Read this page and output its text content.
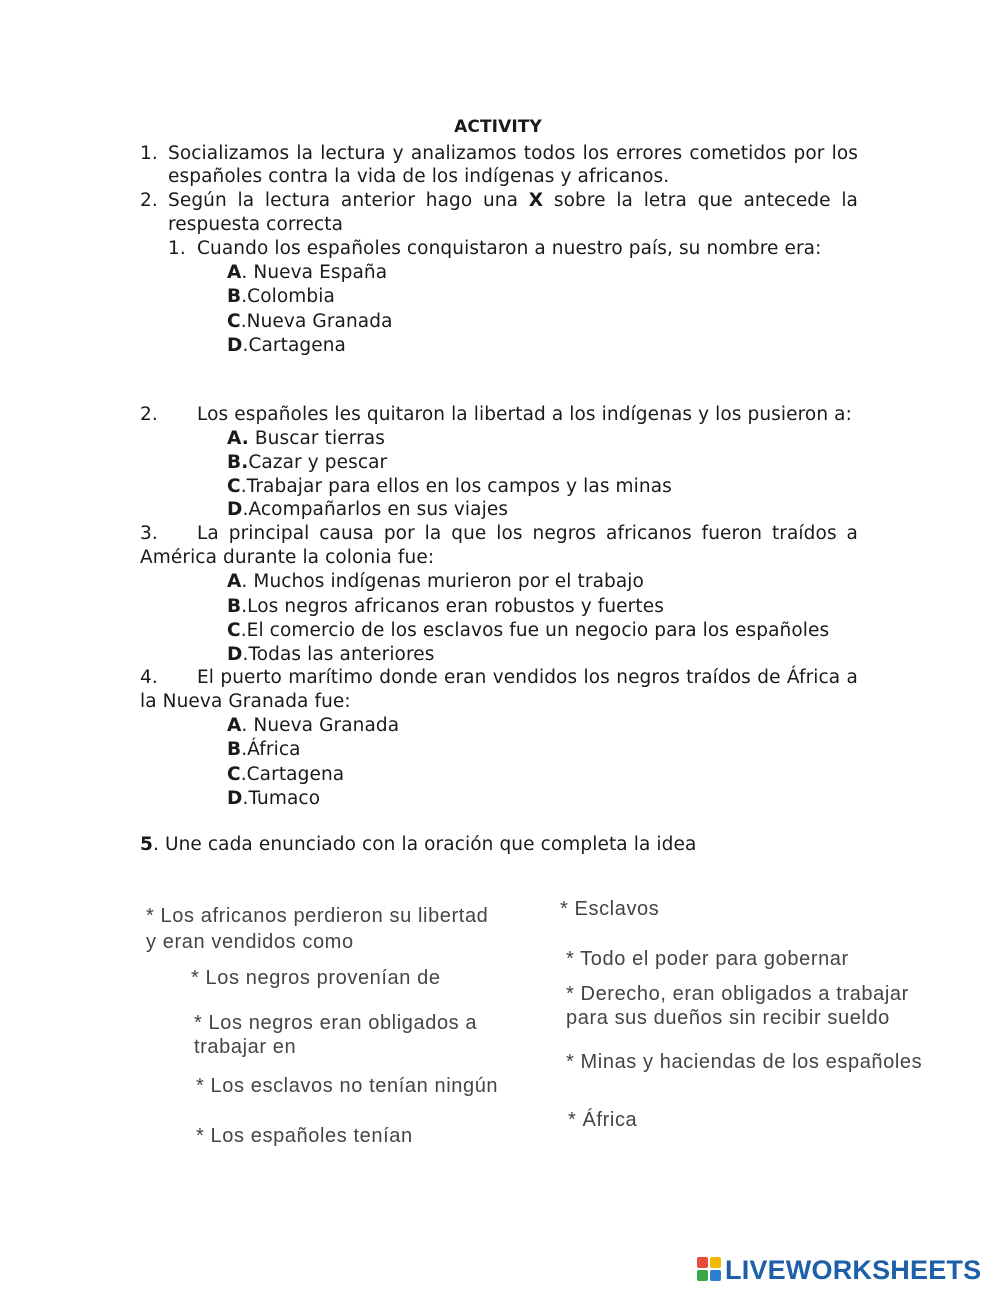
ACTIVITY
1. Socializamos la lectura y analizamos todos los errores cometidos por los
españoles contra la vida de los indígenas y africanos.
2. Según la lectura anterior hago una X sobre la letra que antecede la
respuesta correcta
1. Cuando los españoles conquistaron a nuestro país, su nombre era:
A. Nueva España
B.Colombia
C.Nueva Granada
D.Cartagena
2. Los españoles les quitaron la libertad a los indígenas y los pusieron a:
A. Buscar tierras
B.Cazar y pescar
C.Trabajar para ellos en los campos y las minas
D.Acompañarlos en sus viajes
3. La principal causa por la que los negros africanos fueron traídos a
América durante la colonia fue:
A. Muchos indígenas murieron por el trabajo
B.Los negros africanos eran robustos y fuertes
C.El comercio de los esclavos fue un negocio para los españoles
D.Todas las anteriores
4. El puerto marítimo donde eran vendidos los negros traídos de África a
la Nueva Granada fue:
A. Nueva Granada
B.África
C.Cartagena
D.Tumaco
5. Une cada enunciado con la oración que completa la idea
* Los africanos perdieron su libertad
y eran vendidos como
* Los negros provenían de
* Los negros eran obligados a
trabajar en
* Los esclavos no tenían ningún
* Los españoles tenían
* Esclavos
* Todo el poder para gobernar
* Derecho, eran obligados a trabajar
para sus dueños sin recibir sueldo
* Minas y haciendas de los españoles
* África
LIVEWORKSHEETS
